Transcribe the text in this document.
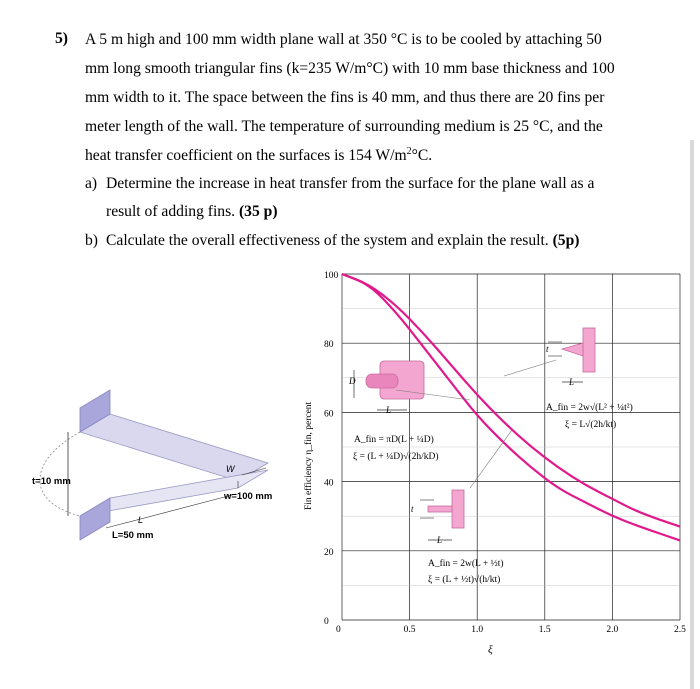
5) A 5 m high and 100 mm width plane wall at 350 °C is to be cooled by attaching 50
mm long smooth triangular fins (k=235 W/m°C) with 10 mm base thickness and 100
mm width to it. The space between the fins is 40 mm, and thus there are 20 fins per
meter length of the wall. The temperature of surrounding medium is 25 °C, and the
heat transfer coefficient on the surfaces is 154 $W/m^2^\circ C$.
a) Determine the increase in heat transfer from the surface for the plane wall as a
result of adding fins. (35 p)
b) Calculate the overall effectiveness of the system and explain the result. (5p)
t=10 mm
W
w=100 mm
L
L=50 mm
0	0.5	1.0	1.5	2.0	2.5
0
20
40
60
80
100
Fin efficiency η_fin, percent
ξ
D
L
A_fin = πD(L + ¼D)
ξ = (L + ¼D)√(2h/kD)
t
L
A_fin = 2w(L + ½t)
ξ = (L + ½t)√(h/kt)
t
L
A_fin = 2w√(L² + ¼t²)
ξ = L√(2h/kt)
